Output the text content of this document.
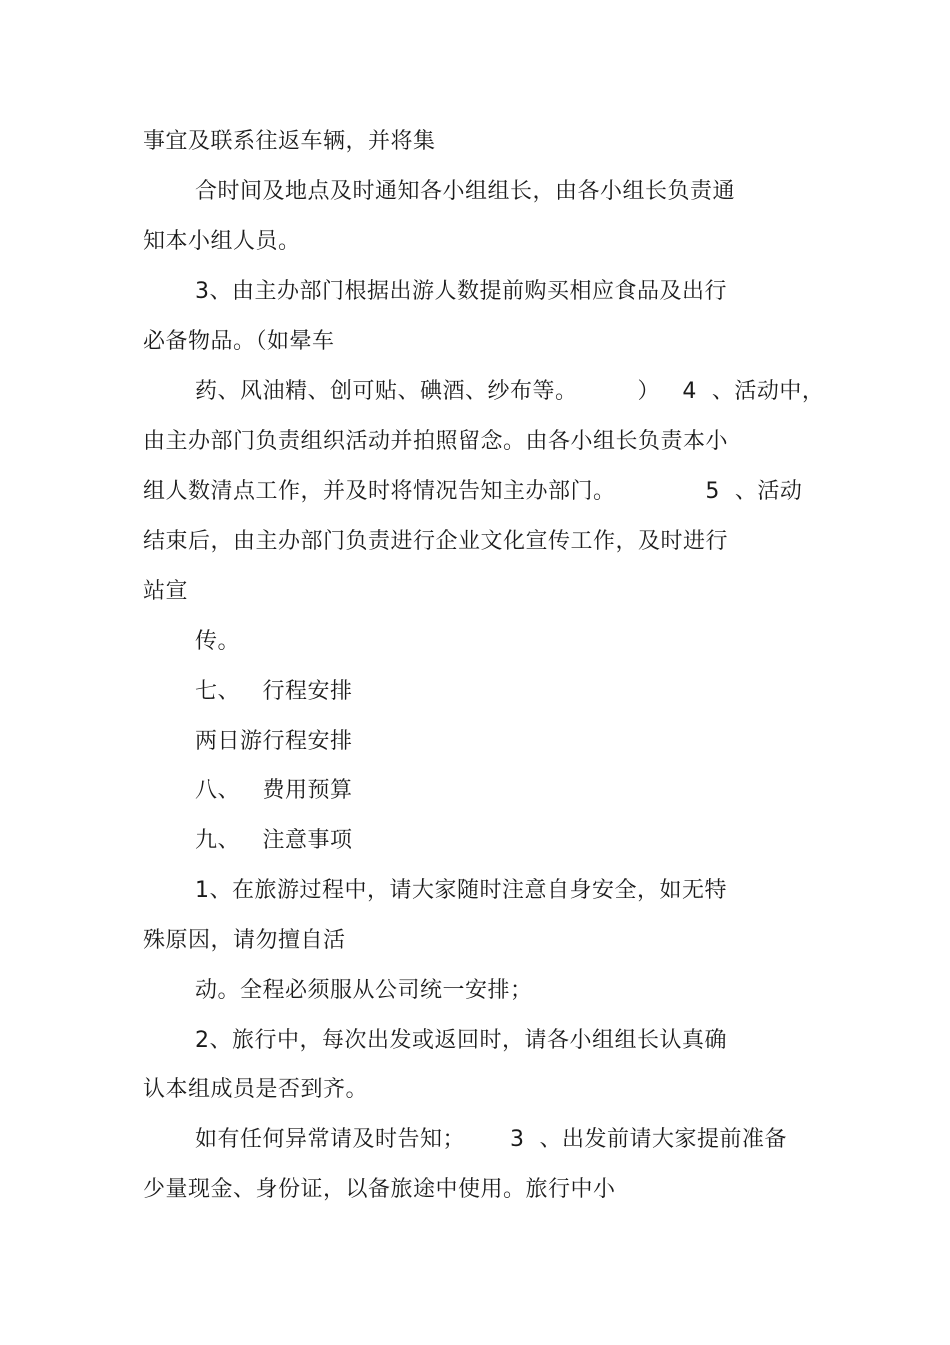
事宜及联系往返车辆，并将集
合时间及地点及时通知各小组组长，由各小组长负责通
知本小组人员。
3、由主办部门根据出游人数提前购买相应食品及出行
必备物品。（如晕车
药、风油精、创可贴、碘酒、纱布等。        ）   4  、活动中，
由主办部门负责组织活动并拍照留念。由各小组长负责本小
组人数清点工作，并及时将情况告知主办部门。            5  、活动
结束后，由主办部门负责进行企业文化宣传工作，及时进行
站宣
传。
七、   行程安排
两日游行程安排
八、   费用预算
九、   注意事项
1、在旅游过程中，请大家随时注意自身安全，如无特
殊原因，请勿擅自活
动。全程必须服从公司统一安排；
2、旅行中，每次出发或返回时，请各小组组长认真确
认本组成员是否到齐。
如有任何异常请及时告知；      3  、出发前请大家提前准备
少量现金、身份证，以备旅途中使用。旅行中小
